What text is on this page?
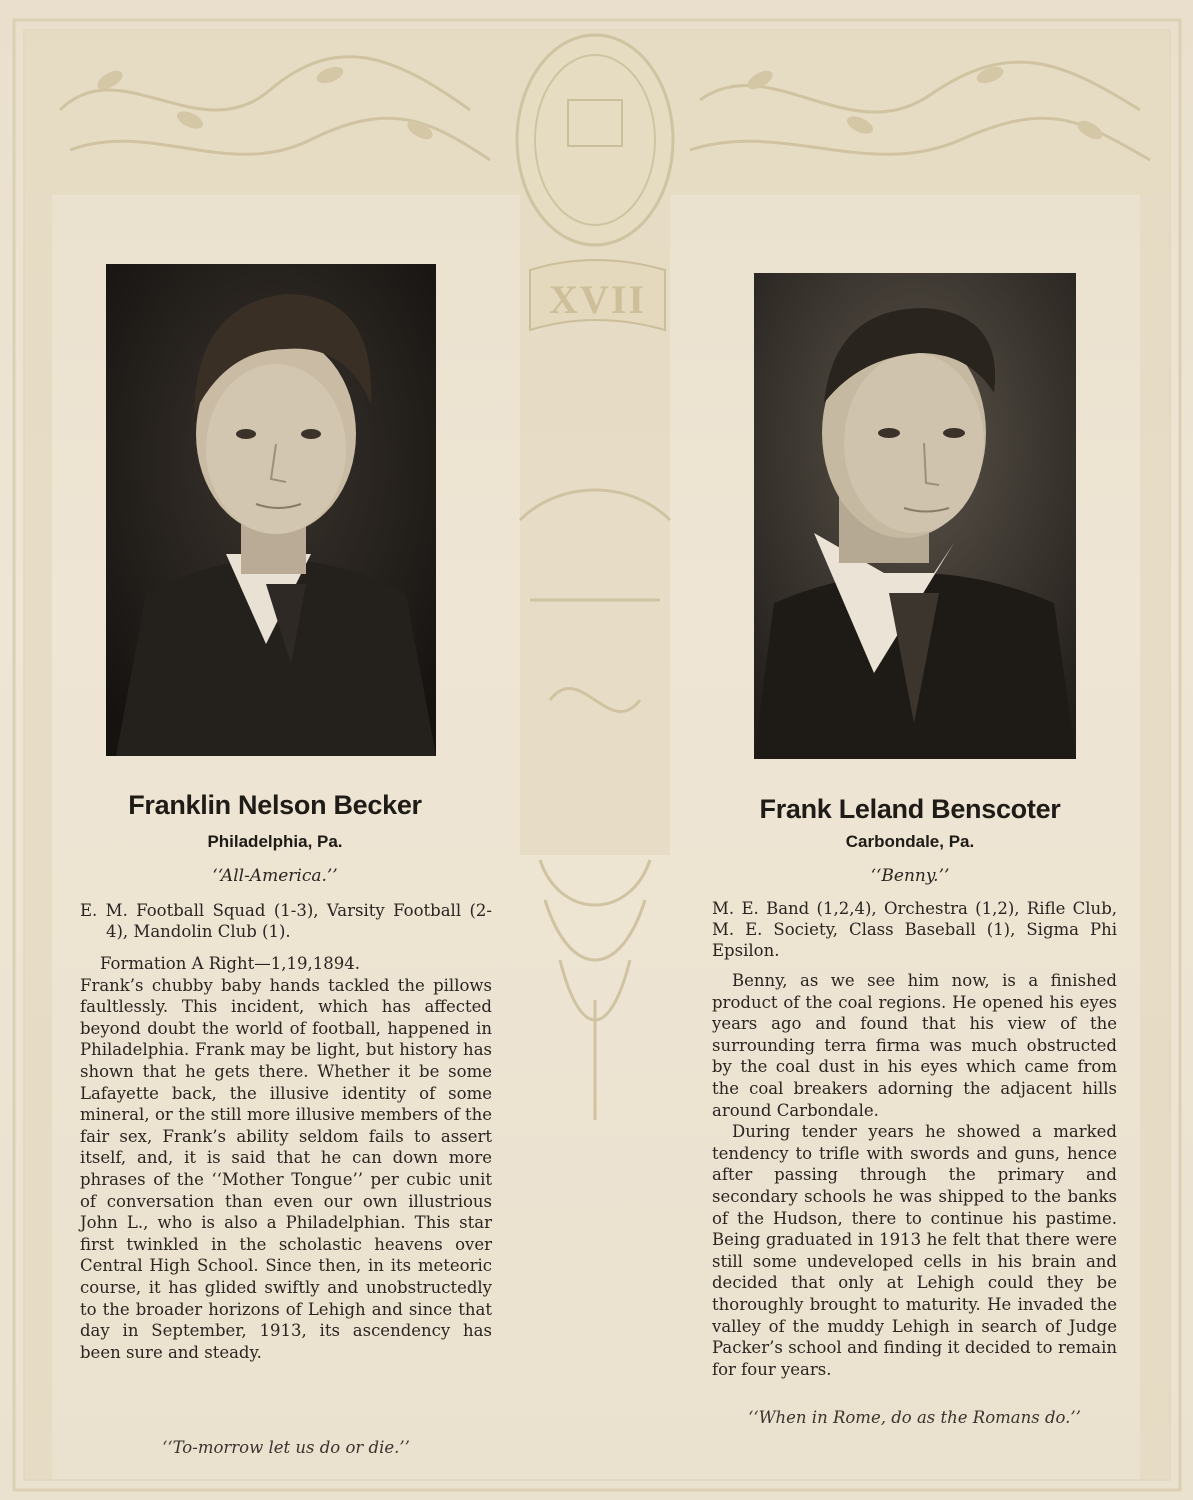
XVII
Franklin Nelson Becker
Philadelphia, Pa.
‘‘All-America.’’
E. M. Football Squad (1-3), Varsity Football (2-4), Mandolin Club (1).

Formation A Right—1,19,1894.

Frank’s chubby baby hands tackled the pillows faultlessly. This incident, which has affected beyond doubt the world of football, happened in Philadelphia. Frank may be light, but history has shown that he gets there. Whether it be some Lafayette back, the illusive identity of some mineral, or the still more illusive members of the fair sex, Frank’s ability seldom fails to assert itself, and, it is said that he can down more phrases of the ‘‘Mother Tongue’’ per cubic unit of conversation than even our own illustrious John L., who is also a Philadelphian. This star first twinkled in the scholastic heavens over Central High School. Since then, in its meteoric course, it has glided swiftly and unobstructedly to the broader horizons of Lehigh and since that day in September, 1913, its ascendency has been sure and steady.

‘‘To-morrow let us do or die.’’
Frank Leland Benscoter
Carbondale, Pa.
‘‘Benny.’’
M. E. Band (1,2,4), Orchestra (1,2), Rifle Club, M. E. Society, Class Baseball (1), Sigma Phi Epsilon.

Benny, as we see him now, is a finished product of the coal regions. He opened his eyes years ago and found that his view of the surrounding terra firma was much obstructed by the coal dust in his eyes which came from the coal breakers adorning the adjacent hills around Carbondale.

During tender years he showed a marked tendency to trifle with swords and guns, hence after passing through the primary and secondary schools he was shipped to the banks of the Hudson, there to continue his pastime. Being graduated in 1913 he felt that there were still some undeveloped cells in his brain and decided that only at Lehigh could they be thoroughly brought to maturity. He invaded the valley of the muddy Lehigh in search of Judge Packer’s school and finding it decided to remain for four years.

‘‘When in Rome, do as the Romans do.’’
